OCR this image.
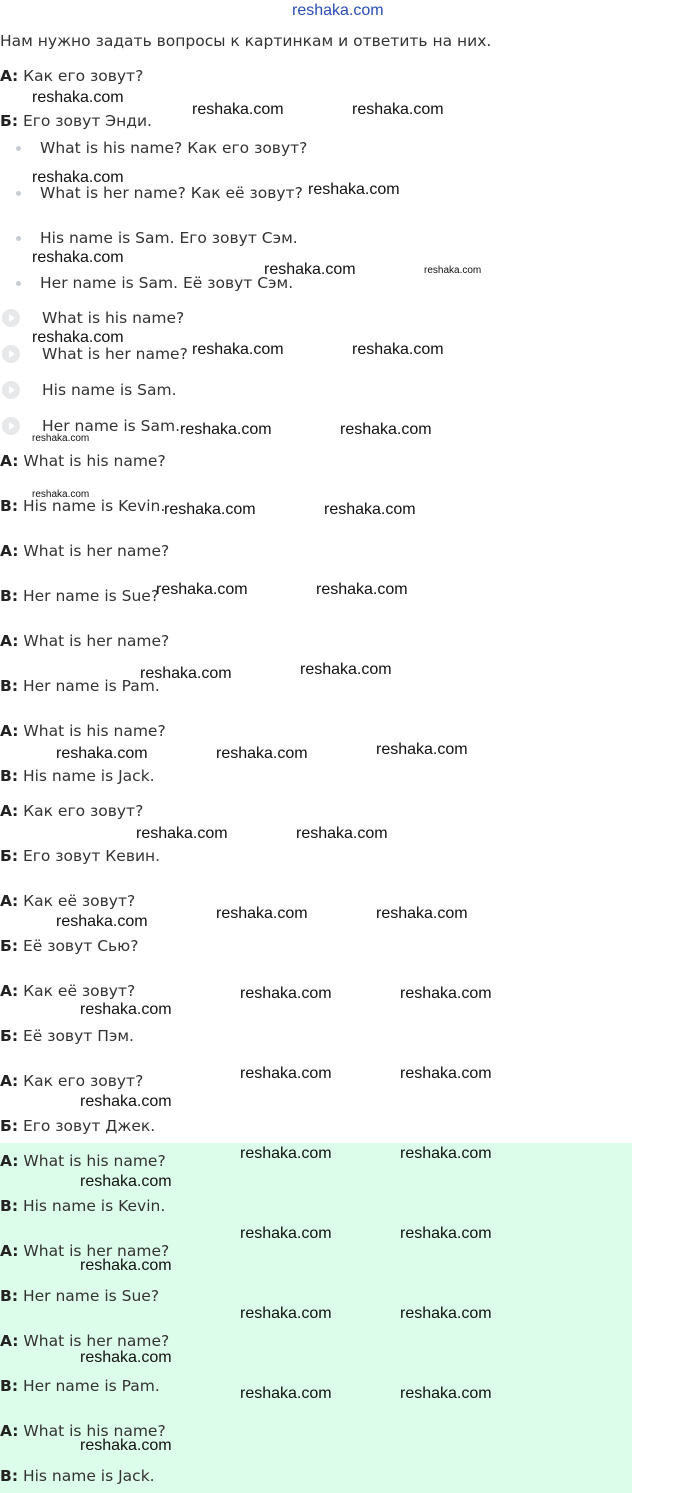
reshaka.com

Нам нужно задать вопросы к картинкам и ответить на них.

А: Как его зовут?

Б: Его зовут Энди.

What is his name? Как его зовут?
What is her name? Как её зовут?
His name is Sam. Его зовут Сэм.
Her name is Sam. Её зовут Сэм.
What is his name?
What is her name?
His name is Sam.
Her name is Sam.

A: What is his name?

B: His name is Kevin.

A: What is her name?

B: Her name is Sue?

A: What is her name?

B: Her name is Pam.

A: What is his name?

B: His name is Jack.

А: Как его зовут?

Б: Его зовут Кевин.

А: Как её зовут?

Б: Её зовут Сью?

А: Как её зовут?

Б: Её зовут Пэм.

А: Как его зовут?

Б: Его зовут Джек.

A: What is his name?

B: His name is Kevin.

A: What is her name?

B: Her name is Sue?

A: What is her name?

B: Her name is Pam.

A: What is his name?

B: His name is Jack.

reshaka.com
reshaka.com	reshaka.com
reshaka.com
reshaka.com
reshaka.com
reshaka.com	reshaka.com
reshaka.com
reshaka.com	reshaka.com
reshaka.com	reshaka.com
reshaka.com
reshaka.com
reshaka.com	reshaka.com
reshaka.com	reshaka.com
reshaka.com	reshaka.com
reshaka.com	reshaka.com	reshaka.com
reshaka.com	reshaka.com
reshaka.com	reshaka.com	reshaka.com
reshaka.com	reshaka.com
reshaka.com
reshaka.com	reshaka.com
reshaka.com
reshaka.com	reshaka.com
reshaka.com
reshaka.com	reshaka.com
reshaka.com
reshaka.com	reshaka.com
reshaka.com
reshaka.com	reshaka.com
reshaka.com
